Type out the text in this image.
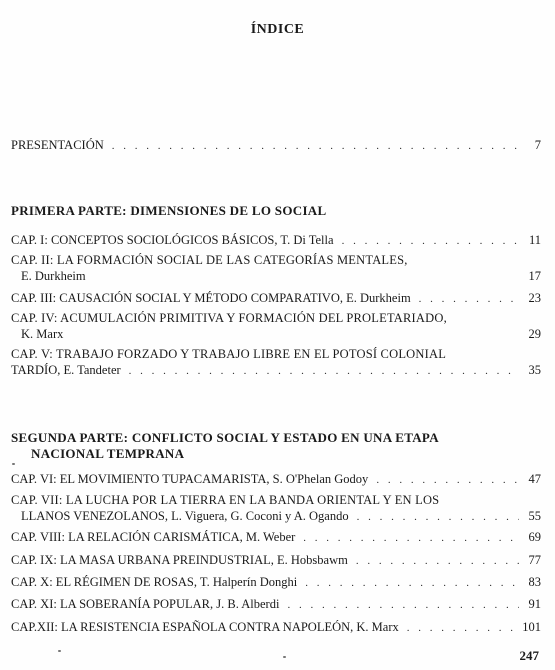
ÍNDICE
PRESENTACIÓN . . .	7
PRIMERA PARTE: DIMENSIONES DE LO SOCIAL
CAP. I: CONCEPTOS SOCIOLÓGICOS BÁSICOS, T. Di Tella . . .	11
CAP. II: LA FORMACIÓN SOCIAL DE LAS CATEGORÍAS MENTALES,
E. Durkheim	17
CAP. III: CAUSACIÓN SOCIAL Y MÉTODO COMPARATIVO, E. Durkheim . . .	23
CAP. IV: ACUMULACIÓN PRIMITIVA Y FORMACIÓN DEL PROLETARIADO,
K. Marx	29
CAP. V: TRABAJO FORZADO Y TRABAJO LIBRE EN EL POTOSÍ COLONIAL
TARDÍO, E. Tandeter . . .	35
SEGUNDA PARTE: CONFLICTO SOCIAL Y ESTADO EN UNA ETAPA
NACIONAL TEMPRANA
CAP. VI: EL MOVIMIENTO TUPACAMARISTA, S. O'Phelan Godoy . . .	47
CAP. VII: LA LUCHA POR LA TIERRA EN LA BANDA ORIENTAL Y EN LOS
LLANOS VENEZOLANOS, L. Viguera, G. Coconi y A. Ogando . . .	55
CAP. VIII: LA RELACIÓN CARISMÁTICA, M. Weber . . .	69
CAP. IX: LA MASA URBANA PREINDUSTRIAL, E. Hobsbawm . . .	77
CAP. X: EL RÉGIMEN DE ROSAS, T. Halperín Donghi . . .	83
CAP. XI: LA SOBERANÍA POPULAR, J. B. Alberdi . . .	91
CAP.XII: LA RESISTENCIA ESPAÑOLA CONTRA NAPOLEÓN, K. Marx . . .	101
247
